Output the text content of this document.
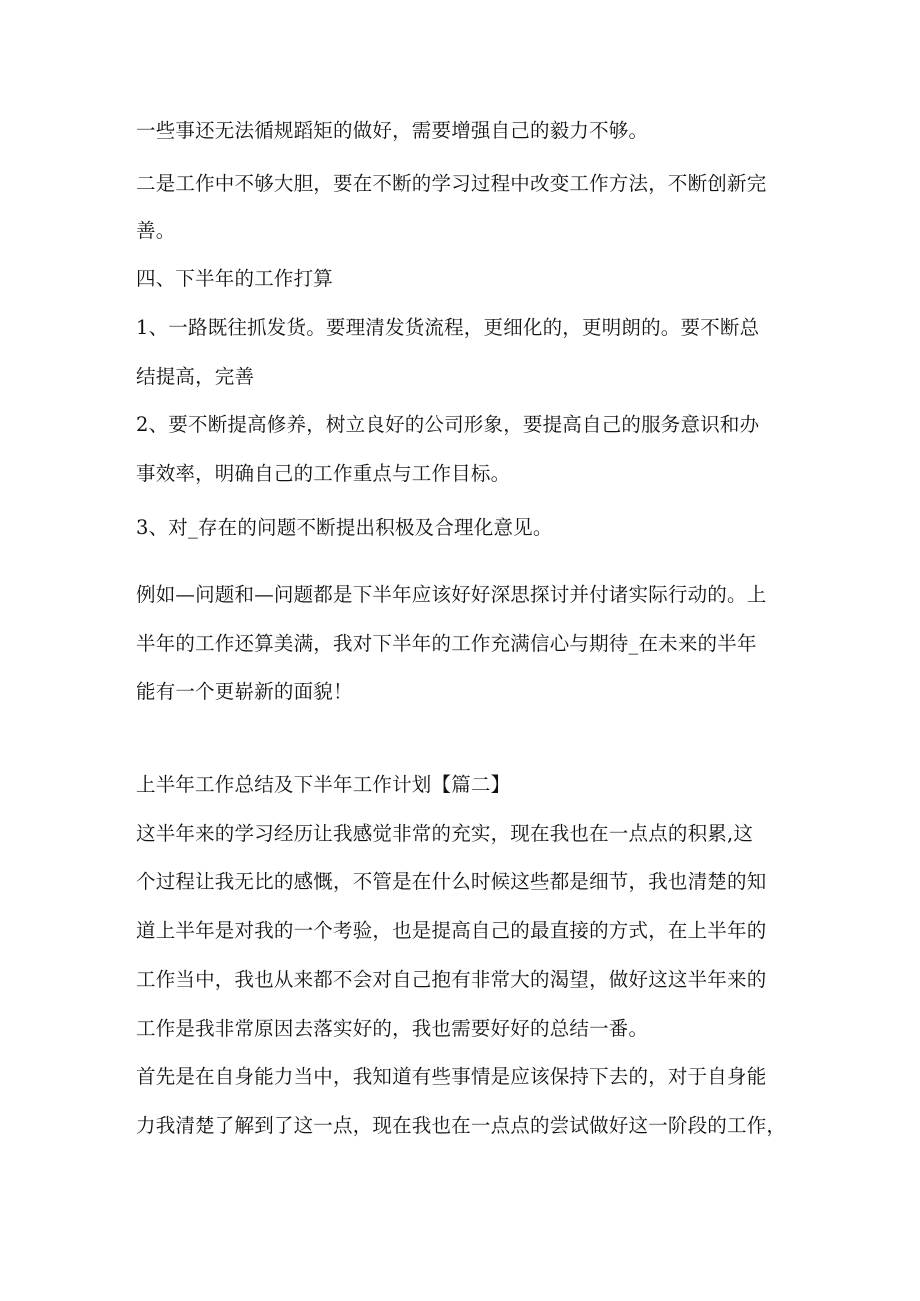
一些事还无法循规蹈矩的做好，需要增强自己的毅力不够。
二是工作中不够大胆，要在不断的学习过程中改变工作方法，不断创新完
善。
四、下半年的工作打算
1、一路既往抓发货。要理清发货流程，更细化的，更明朗的。要不断总
结提高，完善
2、要不断提高修养，树立良好的公司形象，要提高自己的服务意识和办
事效率，明确自己的工作重点与工作目标。
3、对_存在的问题不断提出积极及合理化意见。
例如—问题和—问题都是下半年应该好好深思探讨并付诸实际行动的。上
半年的工作还算美满，我对下半年的工作充满信心与期待_在未来的半年
能有一个更崭新的面貌！
上半年工作总结及下半年工作计划【篇二】
这半年来的学习经历让我感觉非常的充实，现在我也在一点点的积累,这
个过程让我无比的感慨，不管是在什么时候这些都是细节，我也清楚的知
道上半年是对我的一个考验，也是提高自己的最直接的方式，在上半年的
工作当中，我也从来都不会对自己抱有非常大的渴望，做好这这半年来的
工作是我非常原因去落实好的，我也需要好好的总结一番。
首先是在自身能力当中，我知道有些事情是应该保持下去的，对于自身能
力我清楚了解到了这一点，现在我也在一点点的尝试做好这一阶段的工作，
